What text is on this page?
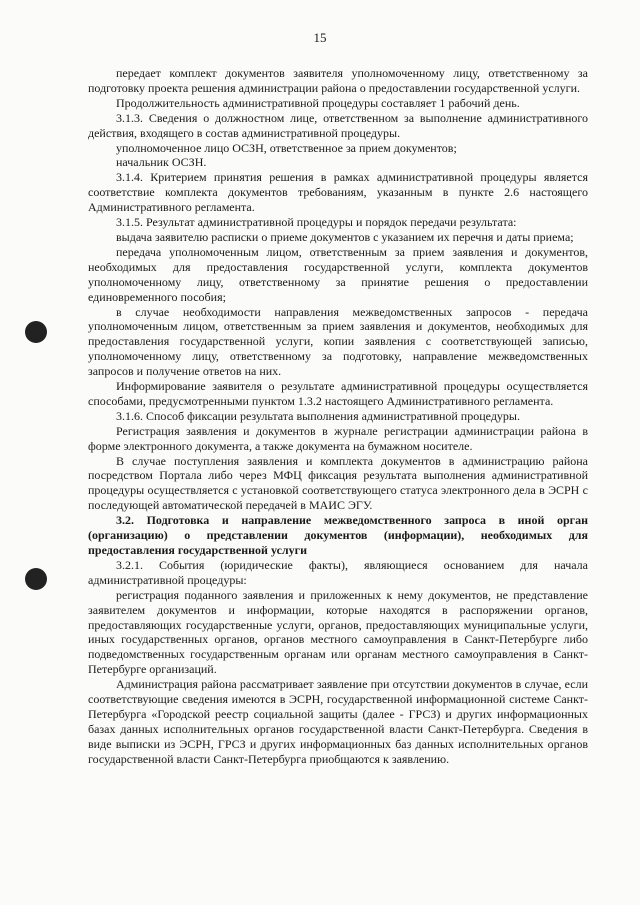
15

передает комплект документов заявителя уполномоченному лицу, ответственному за подготовку проекта решения администрации района о предоставлении государственной услуги.

Продолжительность административной процедуры составляет 1 рабочий день.

3.1.3. Сведения о должностном лице, ответственном за выполнение административного действия, входящего в состав административной процедуры.

уполномоченное лицо ОСЗН, ответственное за прием документов;

начальник ОСЗН.

3.1.4. Критерием принятия решения в рамках административной процедуры является соответствие комплекта документов требованиям, указанным в пункте 2.6 настоящего Административного регламента.

3.1.5. Результат административной процедуры и порядок передачи результата:

выдача заявителю расписки о приеме документов с указанием их перечня и даты приема;

передача уполномоченным лицом, ответственным за прием заявления и документов, необходимых для предоставления государственной услуги, комплекта документов уполномоченному лицу, ответственному за принятие решения о предоставлении единовременного пособия;

в случае необходимости направления межведомственных запросов - передача уполномоченным лицом, ответственным за прием заявления и документов, необходимых для предоставления государственной услуги, копии заявления с соответствующей записью, уполномоченному лицу, ответственному за подготовку, направление межведомственных запросов и получение ответов на них.

Информирование заявителя о результате административной процедуры осуществляется способами, предусмотренными пунктом 1.3.2 настоящего Административного регламента.

3.1.6. Способ фиксации результата выполнения административной процедуры.

Регистрация заявления и документов в журнале регистрации администрации района в форме электронного документа, а также документа на бумажном носителе.

В случае поступления заявления и комплекта документов в администрацию района посредством Портала либо через МФЦ фиксация результата выполнения административной процедуры осуществляется с установкой соответствующего статуса электронного дела в ЭСРН с последующей автоматической передачей в МАИС ЭГУ.

3.2. Подготовка и направление межведомственного запроса в иной орган (организацию) о представлении документов (информации), необходимых для предоставления государственной услуги

3.2.1. События (юридические факты), являющиеся основанием для начала административной процедуры:

регистрация поданного заявления и приложенных к нему документов, не представление заявителем документов и информации, которые находятся в распоряжении органов, предоставляющих государственные услуги, органов, предоставляющих муниципальные услуги, иных государственных органов, органов местного самоуправления в Санкт-Петербурге либо подведомственных государственным органам или органам местного самоуправления в Санкт-Петербурге организаций.

Администрация района рассматривает заявление при отсутствии документов в случае, если соответствующие сведения имеются в ЭСРН, государственной информационной системе Санкт-Петербурга «Городской реестр социальной защиты (далее - ГРСЗ) и других информационных базах данных исполнительных органов государственной власти Санкт-Петербурга. Сведения в виде выписки из ЭСРН, ГРСЗ и других информационных баз данных исполнительных органов государственной власти Санкт-Петербурга приобщаются к заявлению.
